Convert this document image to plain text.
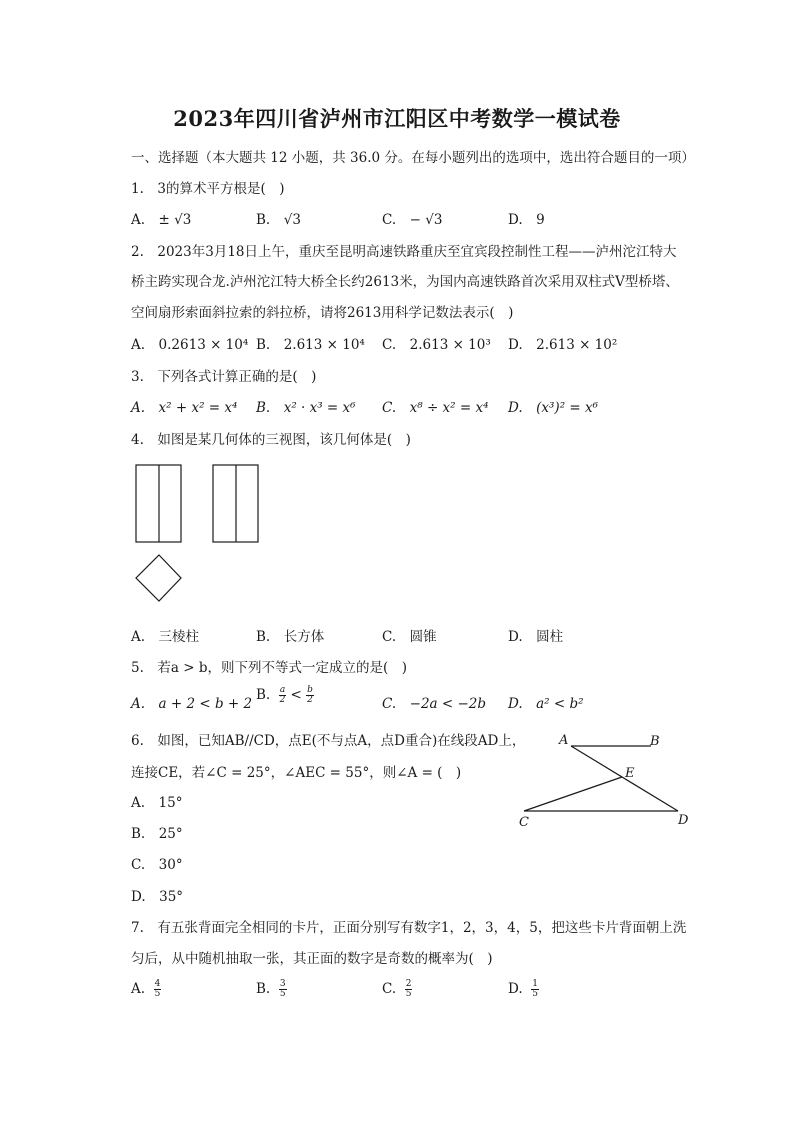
2023年四川省泸州市江阳区中考数学一模试卷
一、选择题（本大题共 12 小题，共 36.0 分。在每小题列出的选项中，选出符合题目的一项）
1.　3的算术平方根是(　)
A.　± √3	B.　√3	C.　− √3	D.　9
2.　2023年3月18日上午，重庆至昆明高速铁路重庆至宜宾段控制性工程——泸州沱江特大
桥主跨实现合龙.泸州沱江特大桥全长约2613米，为国内高速铁路首次采用双柱式V型桥塔、
空间扇形索面斜拉索的斜拉桥，请将2613用科学记数法表示(　)
A.　0.2613 × 10⁴ B.　2.613 × 10⁴ C.　2.613 × 10³ D.　2.613 × 10²
3.　下列各式计算正确的是(　)
A.　x² + x² = x⁴ B.　x² · x³ = x⁶ C.　x⁸ ÷ x² = x⁴ D.　(x³)² = x⁶
4.　如图是某几何体的三视图，该几何体是(　)
A.　三棱柱	B.　长方体	C.　圆锥	D.　圆柱
5.　若a > b，则下列不等式一定成立的是(　)
A.　a + 2 < b + 2
B. $\frac{a}{2} < \frac{b}{2}$	C.　−2a < −2b D.　a² < b²
6.　如图，已知AB//CD，点E(不与点A，点D重合)在线段AD上，
连接CE，若∠C = 25°，∠AEC = 55°，则∠A = (　)
A.　15°
B.　25°
C.　30°
D.　35°
A	B
E
C	D
7.　有五张背面完全相同的卡片，正面分别写有数字1，2，3，4，5，把这些卡片背面朝上洗
匀后，从中随机抽取一张，其正面的数字是奇数的概率为(　)
A. $\frac{4}{5}$	B. $\frac{3}{5}$	C. $\frac{2}{5}$	D. $\frac{1}{5}$
